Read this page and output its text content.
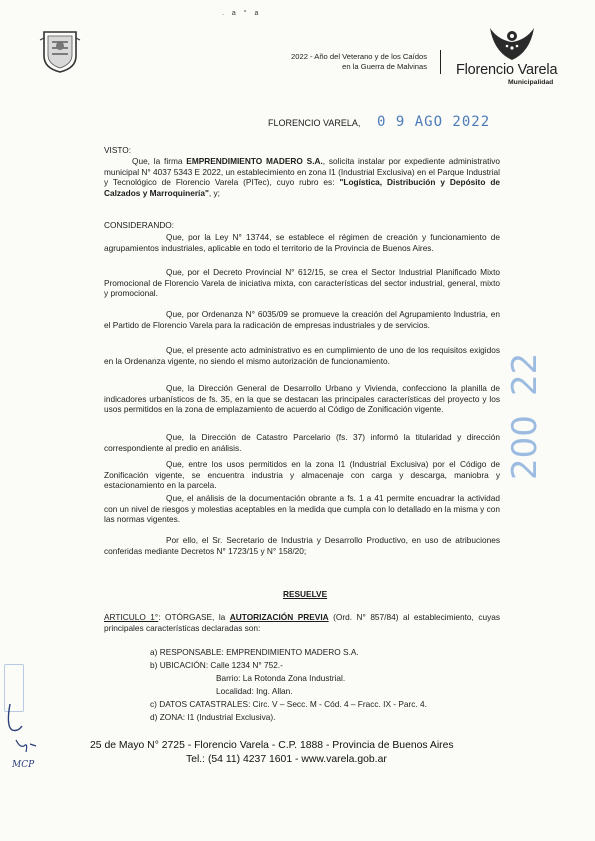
. a ° a
2022 - Año del Veterano y de los Caídos
en la Guerra de Malvinas Florencio Varela
Municipalidad
FLORENCIO VARELA, 0 9 AGO 2022
22
200
VISTO:
Que, la firma EMPRENDIMIENTO MADERO S.A., solicita instalar por expediente administrativo municipal N° 4037 5343 E 2022, un establecimiento en zona I1 (Industrial Exclusiva) en el Parque Industrial y Tecnológico de Florencio Varela (PITec), cuyo rubro es: "Logística, Distribución y Depósito de Calzados y Marroquinería", y;
CONSIDERANDO:
Que, por la Ley N° 13744, se establece el régimen de creación y funcionamiento de agrupamientos industriales, aplicable en todo el territorio de la Provincia de Buenos Aires.
Que, por el Decreto Provincial N° 612/15, se crea el Sector Industrial Planificado Mixto Promocional de Florencio Varela de iniciativa mixta, con características del sector industrial, general, mixto y promocional.
Que, por Ordenanza N° 6035/09 se promueve la creación del Agrupamiento Industria, en el Partido de Florencio Varela para la radicación de empresas industriales y de servicios.
Que, el presente acto administrativo es en cumplimiento de uno de los requisitos exigidos en la Ordenanza vigente, no siendo el mismo autorización de funcionamiento.
Que, la Dirección General de Desarrollo Urbano y Vivienda, confecciono la planilla de indicadores urbanísticos de fs. 35, en la que se destacan las principales características del proyecto y los usos permitidos en la zona de emplazamiento de acuerdo al Código de Zonificación vigente.
Que, la Dirección de Catastro Parcelario (fs. 37) informó la titularidad y dirección correspondiente al predio en análisis.
Que, entre los usos permitidos en la zona I1 (Industrial Exclusiva) por el Código de Zonificación vigente, se encuentra industria y almacenaje con carga y descarga, maniobra y estacionamiento en la parcela.
Que, el análisis de la documentación obrante a fs. 1 a 41 permite encuadrar la actividad con un nivel de riesgos y molestias aceptables en la medida que cumpla con lo detallado en la misma y con las normas vigentes.
Por ello, el Sr. Secretario de Industria y Desarrollo Productivo, en uso de atribuciones conferidas mediante Decretos N° 1723/15 y N° 158/20;
RESUELVE
ARTICULO 1°: OTÓRGASE, la AUTORIZACIÓN PREVIA (Ord. N° 857/84) al establecimiento, cuyas principales características declaradas son:
a) RESPONSABLE: EMPRENDIMIENTO MADERO S.A.
b) UBICACIÓN: Calle 1234 N° 752.-
Barrio: La Rotonda Zona Industrial.
Localidad: Ing. Allan.
c) DATOS CATASTRALES: Circ. V – Secc. M - Cód. 4 – Fracc. IX - Parc. 4.
d) ZONA: I1 (Industrial Exclusiva).
MCP
25 de Mayo N° 2725 - Florencio Varela - C.P. 1888 - Provincia de Buenos Aires
Tel.: (54 11) 4237 1601 - www.varela.gob.ar
